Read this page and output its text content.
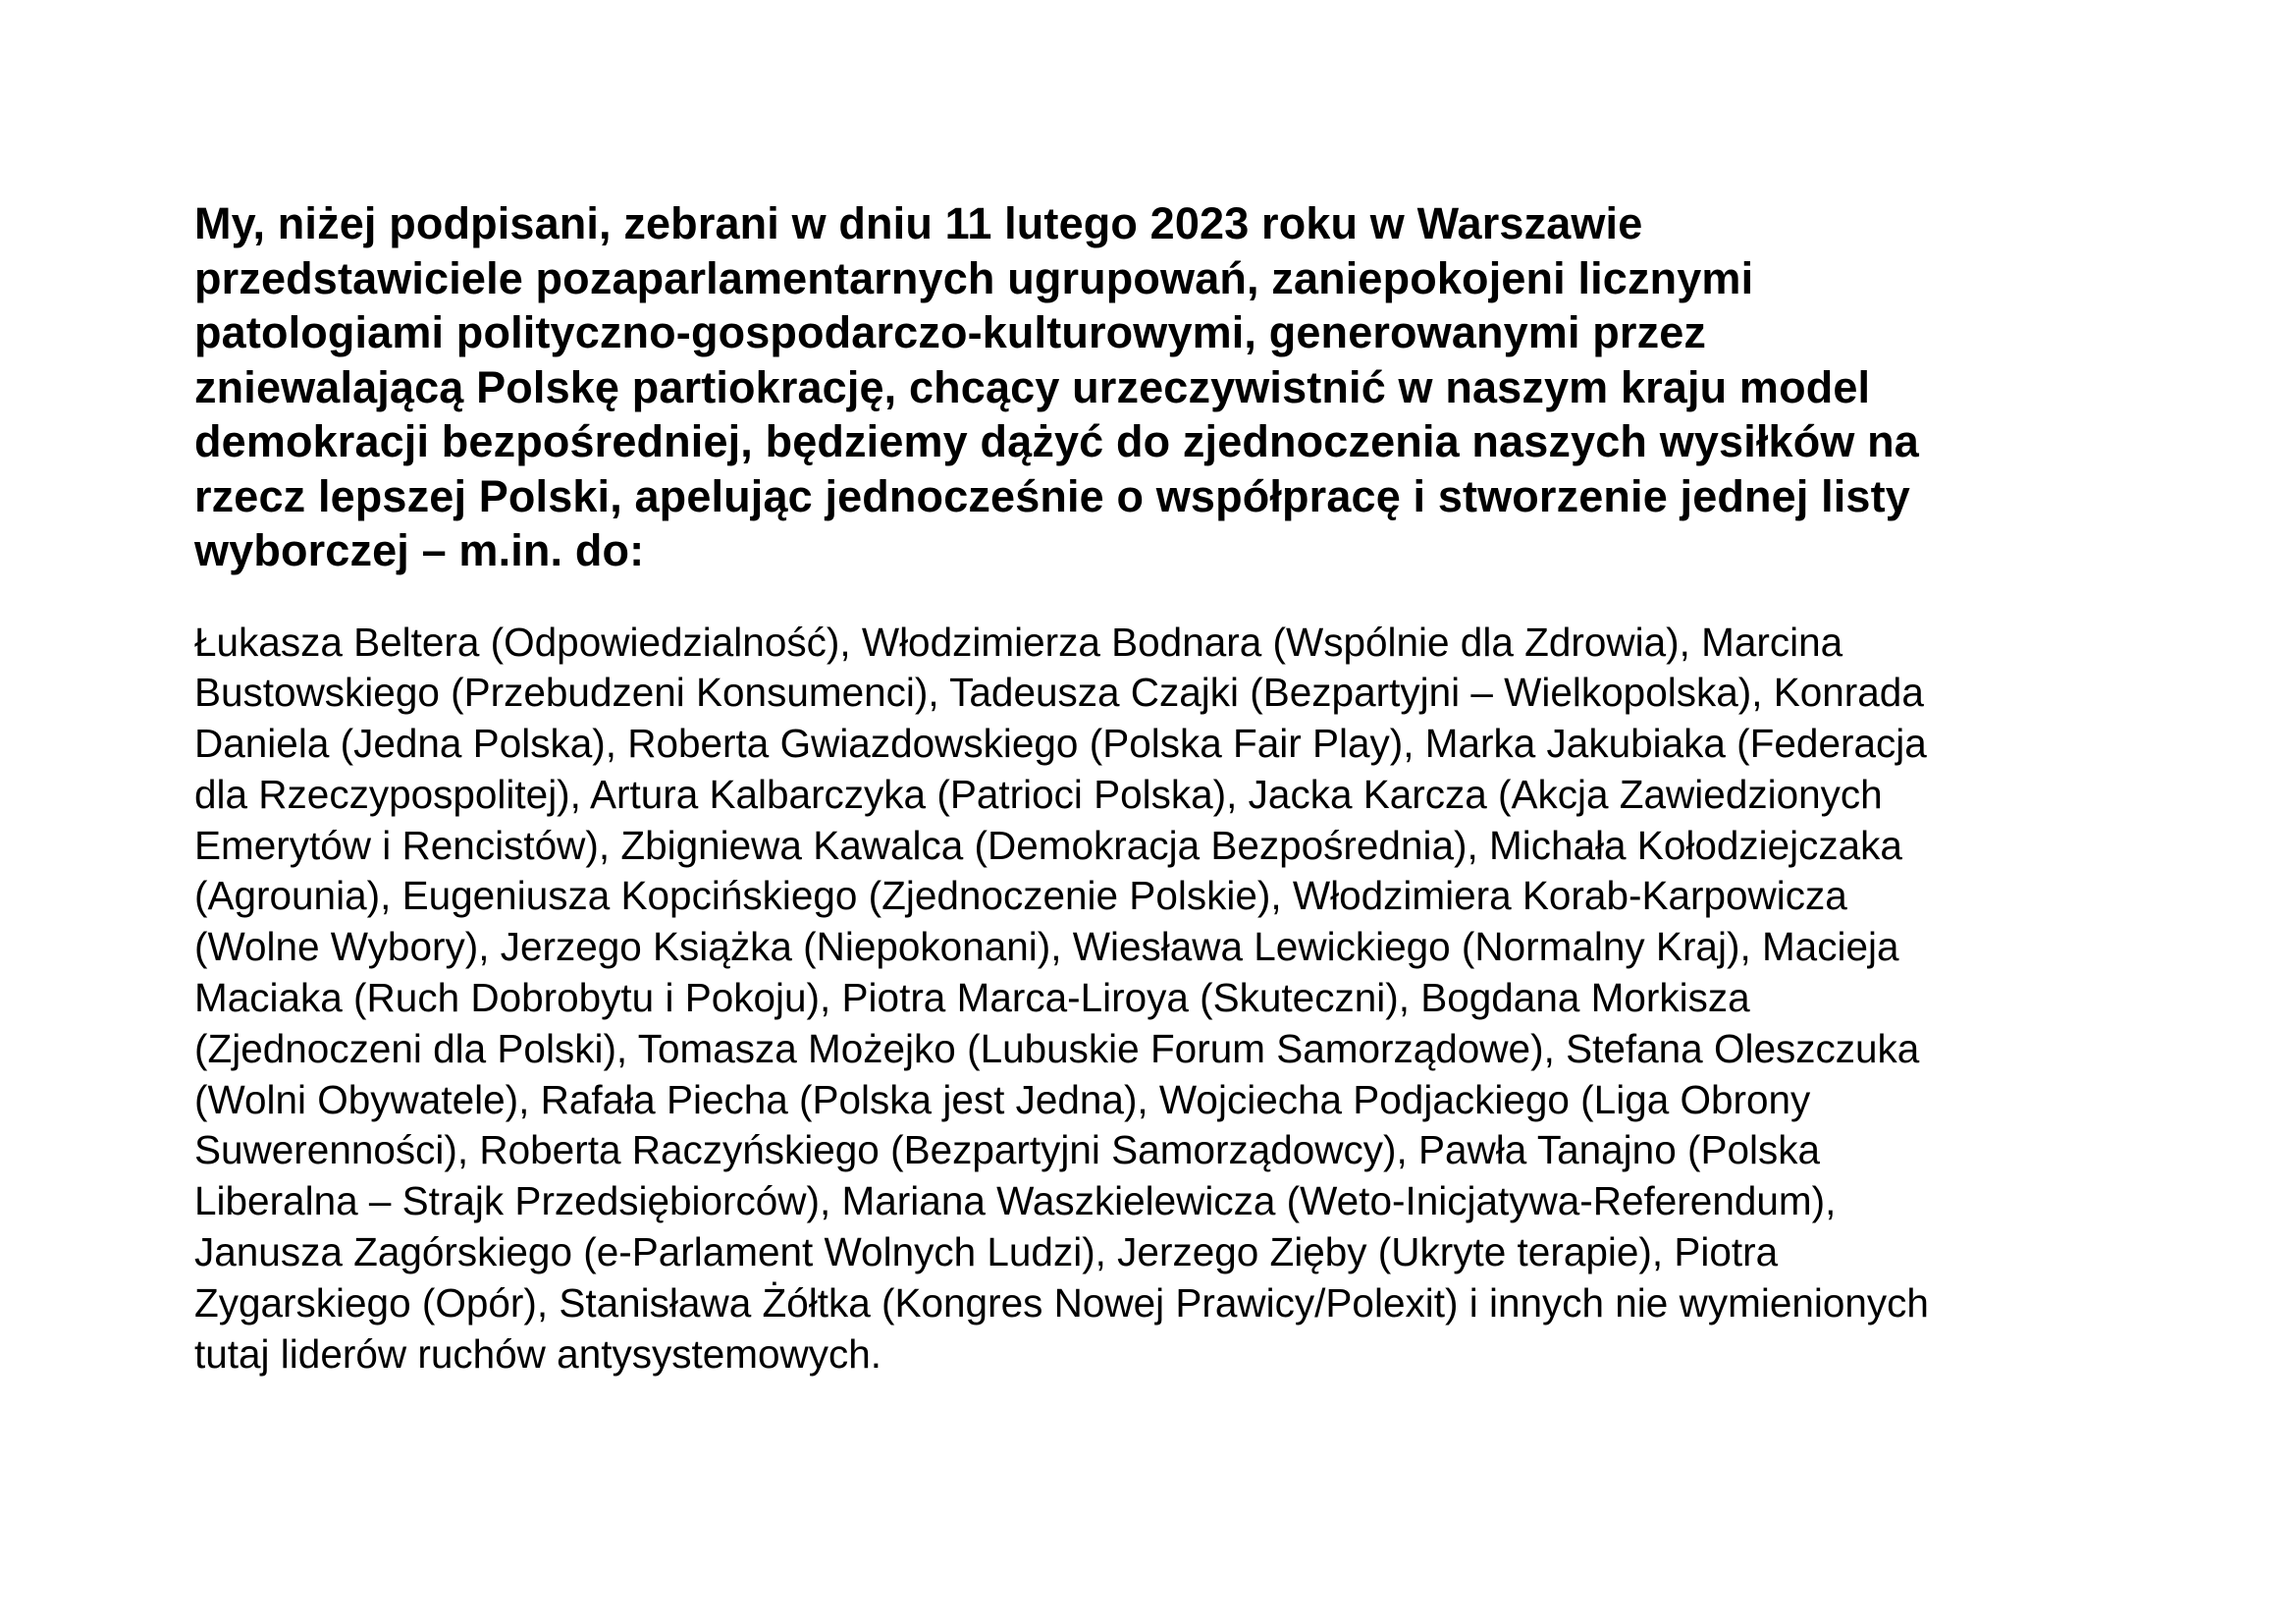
My, niżej podpisani, zebrani w dniu 11 lutego 2023 roku w Warszawie
przedstawiciele pozaparlamentarnych ugrupowań, zaniepokojeni licznymi
patologiami polityczno-gospodarczo-kulturowymi, generowanymi przez
zniewalającą Polskę partiokrację, chcący urzeczywistnić w naszym kraju model
demokracji bezpośredniej, będziemy dążyć do zjednoczenia naszych wysiłków na
rzecz lepszej Polski, apelując jednocześnie o współpracę i stworzenie jednej listy
wyborczej – m.in. do:
Łukasza Beltera (Odpowiedzialność), Włodzimierza Bodnara (Wspólnie dla Zdrowia), Marcina
Bustowskiego (Przebudzeni Konsumenci), Tadeusza Czajki (Bezpartyjni – Wielkopolska), Konrada
Daniela (Jedna Polska), Roberta Gwiazdowskiego (Polska Fair Play), Marka Jakubiaka (Federacja
dla Rzeczypospolitej), Artura Kalbarczyka (Patrioci Polska), Jacka Karcza (Akcja Zawiedzionych
Emerytów i Rencistów), Zbigniewa Kawalca (Demokracja Bezpośrednia), Michała Kołodziejczaka
(Agrounia), Eugeniusza Kopcińskiego (Zjednoczenie Polskie), Włodzimiera Korab-Karpowicza
(Wolne Wybory), Jerzego Książka (Niepokonani), Wiesława Lewickiego (Normalny Kraj), Macieja
Maciaka (Ruch Dobrobytu i Pokoju), Piotra Marca-Liroya (Skuteczni), Bogdana Morkisza
(Zjednoczeni dla Polski), Tomasza Możejko (Lubuskie Forum Samorządowe), Stefana Oleszczuka
(Wolni Obywatele), Rafała Piecha (Polska jest Jedna), Wojciecha Podjackiego (Liga Obrony
Suwerenności), Roberta Raczyńskiego (Bezpartyjni Samorządowcy), Pawła Tanajno (Polska
Liberalna – Strajk Przedsiębiorców), Mariana Waszkielewicza (Weto-Inicjatywa-Referendum),
Janusza Zagórskiego (e-Parlament Wolnych Ludzi), Jerzego Zięby (Ukryte terapie), Piotra
Zygarskiego (Opór), Stanisława Żółtka (Kongres Nowej Prawicy/Polexit) i innych nie wymienionych
tutaj liderów ruchów antysystemowych.
